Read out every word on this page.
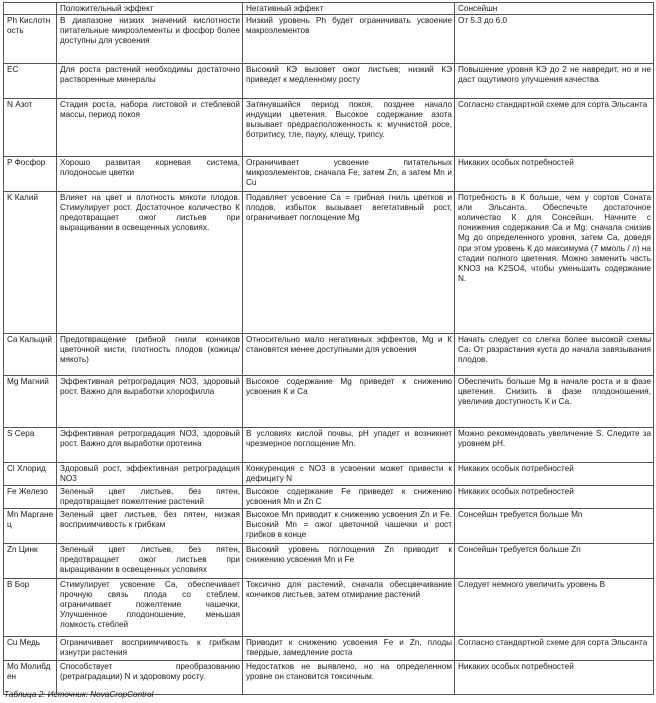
	Положительный эффект	Негативный эффект	Сонсейшн
Ph Кислотность	В диапазоне низких значений кислотности питательные микроэлементы и фосфор более доступны для усвоения	Низкий уровень Ph будет ограничивать усвоение макроэлементов	От 5.3 до 6.0
EC	Для роста растений необходимы достаточно растворенные минералы	Высокий КЭ вызовет ожог листьев; низкий КЭ приведет к медленному росту	Повышение уровня КЭ до 2 не навредит, но и не даст ощутимого улучшения качества
N Азот	Стадия роста, набора листовой и стеблевой массы, период покоя	Затянувшийся период покоя, позднее начало индукции цветения. Высокое содержание азота вызывает предрасположенность к: мучнистой росе, ботритису, тле, пауку, клещу, трипсу.	Согласно стандартной схеме для сорта Эльсанта
P Фосфор	Хорошо развитая корневая система, плодоносые цветки	Ограничивает усвоение питательных микроэлементов, сначала Fe, затем Zn, а затем Mn и Cu	Никаких особых потребностей
K Калий	Влияет на цвет и плотность мякоти плодов. Стимулирует рост. Достаточное количество К предотвращает ожог листьев при выращивании в освещенных условиях.	Подавляет усвоение Са = грибная гниль цветков и плодов, избыток вызывает вегетативный рост, ограничивает поглощение Mg	Потребность в К больше, чем у сортов Соната или Эльсанта. Обеспечьте достаточное количество К для Сонсейшн. Начните с понижения содержания Са и Mg: сначала снизив Mg до определенного уровня, затем Са, доведя при этом уровень К до максимума (7 ммоль / л) на стадии полного цветения. Можно заменить часть KNO3 на K2SO4, чтобы уменьшить содержание N.
Ca Кальций	Предотвращение грибной гнили кончиков цветочной кисти, плотность плодов (кожица/мякоть)	Относительно мало негативных эффектов, Mg и К становятся менее доступными для усвоения	Начать следует со слегка более высокой схемы Са. От разрастания куста до начала завязывания плодов.
Mg Магний	Эффективная ретроградация NO3, здоровый рост. Важно для выработки хлорофилла	Высокое содержание Mg приведет к снижению усвоения К и Са	Обеспечить больше Mg в начале роста и в фазе цветения. Снизить в фазе плодоношения, увеличив доступность К и Са.
S Сера	Эффективная ретроградация NO3, здоровый рост. Важно для выработки протеина	В условиях кислой почвы, pH упадет и возникнет чрезмерное поглощение Mn.	Можно рекомендовать увеличение S. Следите за уровнем pH.
Cl Хлорид	Здоровый рост, эффективная ретроградация NO3	Конкуренция с NO3 в усвоении может привести к дефициту N	Никаких особых потребностей
Fe Железо	Зеленый цвет листьев, без пятен, предотвращает пожелтение растений	Высокое содержание Fe приведет к снижению усвоения Mn и Zn С	Никаких особых потребностей
Mn Марганец	Зеленый цвет листьев, без пятен, низкая восприимчивость к грибкам	Высокое Mn приводит к снижению усвоения Zn и Fe. Высокий Mn = ожог цветочной чашечки и рост грибков в конце	Сонсейшн требуется больше Mn
Zn Цинк	Зеленый цвет листьев, без пятен, предотвращает ожог листьев при выращивании в освещенных условиях	Высокий уровень поглощения Zn приводит к снижению усвоения Mn и Fe	Сонсейшн требуется больше Zn
B Бор	Стимулирует усвоение Са, обеспечивает прочную связь плода со стеблем, ограничивает пожелтение чашечки, Улучшенное плодоношение, меньшая ломкость стеблей	Токсично для растений, сначала обесцвечивание кончиков листьев, затем отмирание растений	Следует немного увеличить уровень В
Cu Медь	Ограничивает восприимчивость к грибкам изнутри растения	Приводит к снижению усвоения Fe и Zn, плоды твердые, замедление роста	Согласно стандартной схеме для сорта Эльсанта
Mo Молибден	Способствует преобразованию (ретраградации) N и здоровому росту.	Недостатков не выявлено, но на определенном уровне он становится токсичным.	Никаких особых потребностей
Таблица 2: Источник: NovaCropControl
